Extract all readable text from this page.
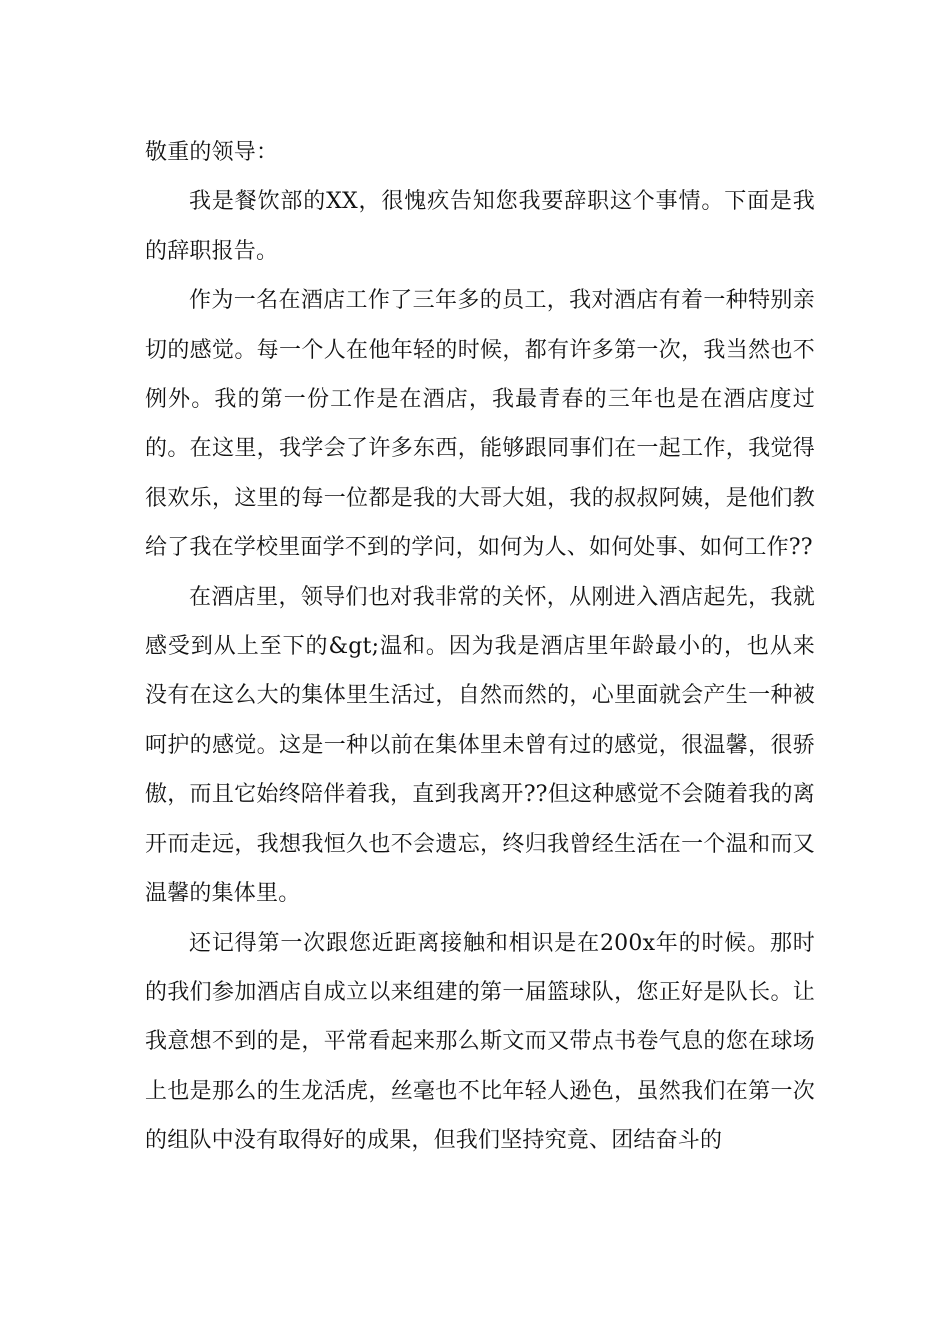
敬重的领导：

我是餐饮部的XX，很愧疚告知您我要辞职这个事情。下面是我的辞职报告。

作为一名在酒店工作了三年多的员工，我对酒店有着一种特别亲切的感觉。每一个人在他年轻的时候，都有许多第一次，我当然也不例外。我的第一份工作是在酒店，我最青春的三年也是在酒店度过的。在这里，我学会了许多东西，能够跟同事们在一起工作，我觉得很欢乐，这里的每一位都是我的大哥大姐，我的叔叔阿姨，是他们教给了我在学校里面学不到的学问，如何为人、如何处事、如何工作??

在酒店里，领导们也对我非常的关怀，从刚进入酒店起先，我就感受到从上至下的&gt;温和。因为我是酒店里年龄最小的，也从来没有在这么大的集体里生活过，自然而然的，心里面就会产生一种被呵护的感觉。这是一种以前在集体里未曾有过的感觉，很温馨，很骄傲，而且它始终陪伴着我，直到我离开??但这种感觉不会随着我的离开而走远，我想我恒久也不会遗忘，终归我曾经生活在一个温和而又温馨的集体里。

还记得第一次跟您近距离接触和相识是在200x年的时候。那时的我们参加酒店自成立以来组建的第一届篮球队，您正好是队长。让我意想不到的是，平常看起来那么斯文而又带点书卷气息的您在球场上也是那么的生龙活虎，丝毫也不比年轻人逊色，虽然我们在第一次的组队中没有取得好的成果，但我们坚持究竟、团结奋斗的
